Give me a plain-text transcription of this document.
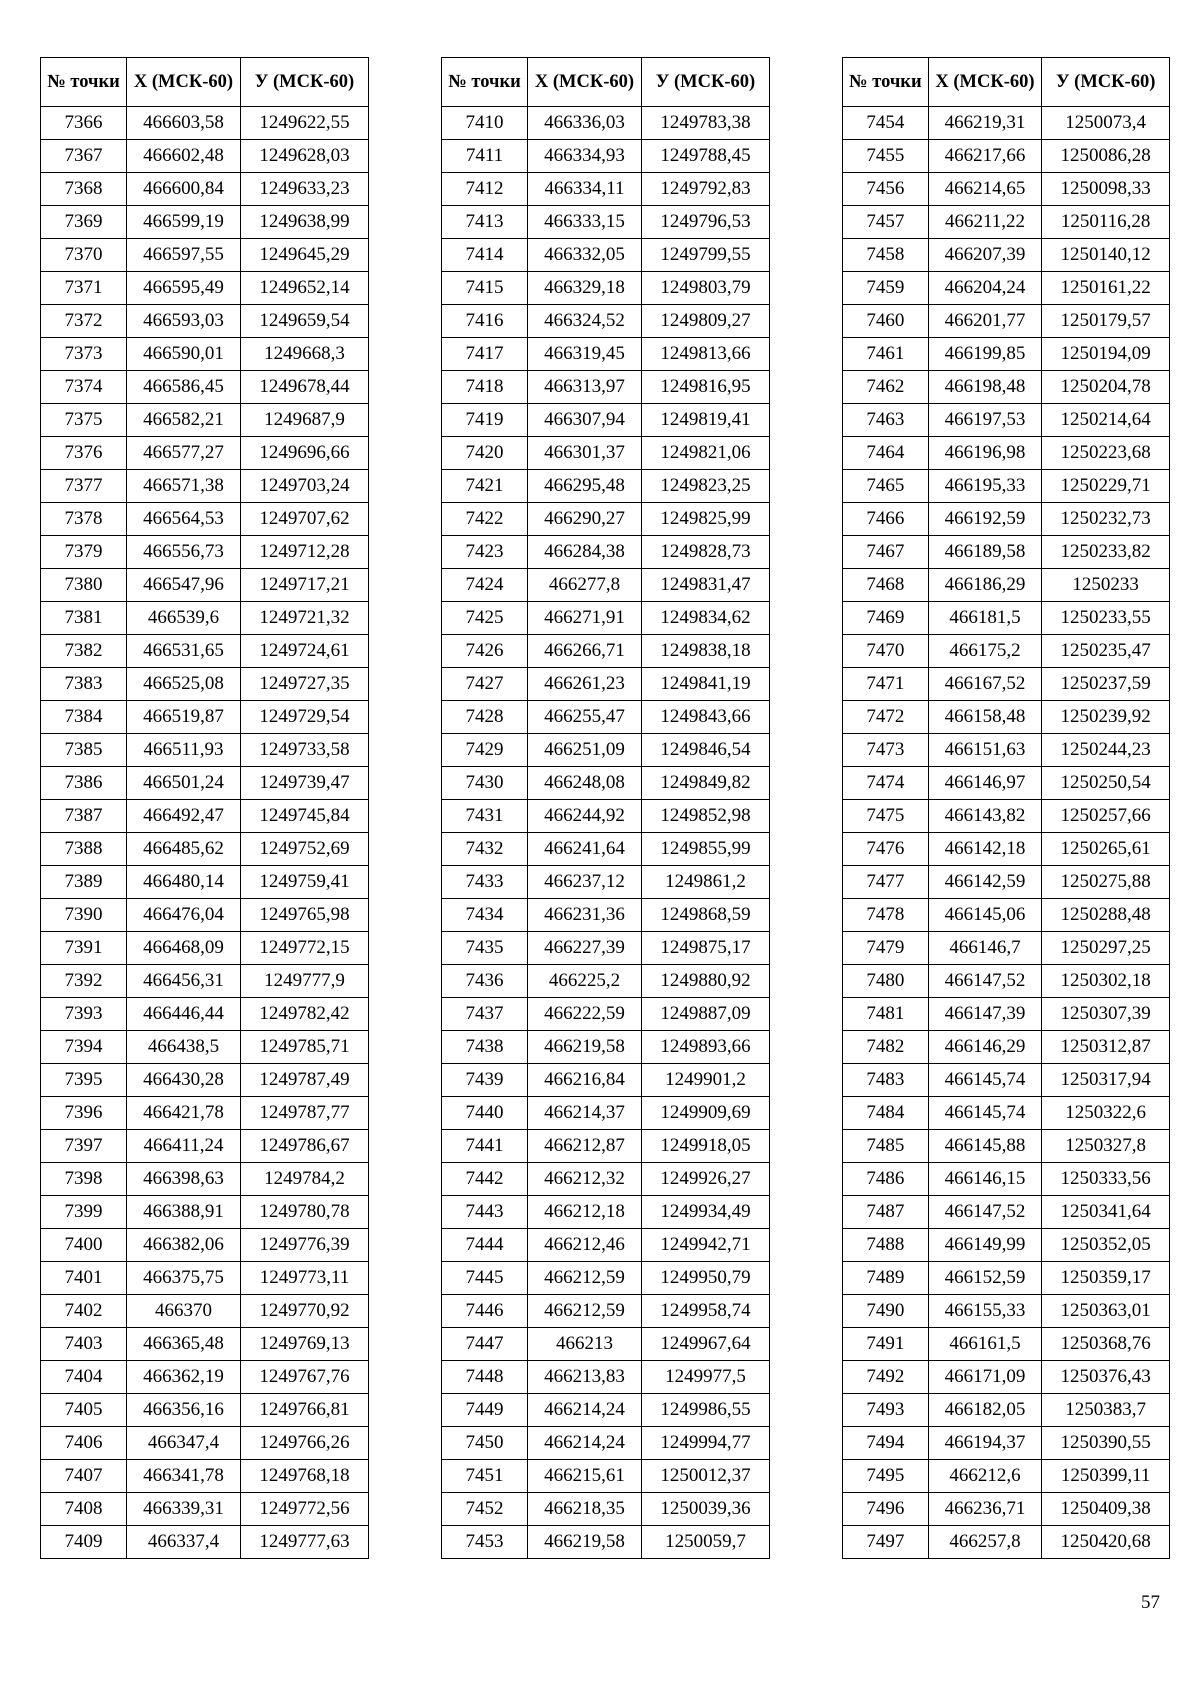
№ точки	X (МСК-60)	У (МСК-60)
7366	466603,58	1249622,55
7367	466602,48	1249628,03
7368	466600,84	1249633,23
7369	466599,19	1249638,99
7370	466597,55	1249645,29
7371	466595,49	1249652,14
7372	466593,03	1249659,54
7373	466590,01	1249668,3
7374	466586,45	1249678,44
7375	466582,21	1249687,9
7376	466577,27	1249696,66
7377	466571,38	1249703,24
7378	466564,53	1249707,62
7379	466556,73	1249712,28
7380	466547,96	1249717,21
7381	466539,6	1249721,32
7382	466531,65	1249724,61
7383	466525,08	1249727,35
7384	466519,87	1249729,54
7385	466511,93	1249733,58
7386	466501,24	1249739,47
7387	466492,47	1249745,84
7388	466485,62	1249752,69
7389	466480,14	1249759,41
7390	466476,04	1249765,98
7391	466468,09	1249772,15
7392	466456,31	1249777,9
7393	466446,44	1249782,42
7394	466438,5	1249785,71
7395	466430,28	1249787,49
7396	466421,78	1249787,77
7397	466411,24	1249786,67
7398	466398,63	1249784,2
7399	466388,91	1249780,78
7400	466382,06	1249776,39
7401	466375,75	1249773,11
7402	466370	1249770,92
7403	466365,48	1249769,13
7404	466362,19	1249767,76
7405	466356,16	1249766,81
7406	466347,4	1249766,26
7407	466341,78	1249768,18
7408	466339,31	1249772,56
7409	466337,4	1249777,63
№ точки	X (МСК-60)	У (МСК-60)
7410	466336,03	1249783,38
7411	466334,93	1249788,45
7412	466334,11	1249792,83
7413	466333,15	1249796,53
7414	466332,05	1249799,55
7415	466329,18	1249803,79
7416	466324,52	1249809,27
7417	466319,45	1249813,66
7418	466313,97	1249816,95
7419	466307,94	1249819,41
7420	466301,37	1249821,06
7421	466295,48	1249823,25
7422	466290,27	1249825,99
7423	466284,38	1249828,73
7424	466277,8	1249831,47
7425	466271,91	1249834,62
7426	466266,71	1249838,18
7427	466261,23	1249841,19
7428	466255,47	1249843,66
7429	466251,09	1249846,54
7430	466248,08	1249849,82
7431	466244,92	1249852,98
7432	466241,64	1249855,99
7433	466237,12	1249861,2
7434	466231,36	1249868,59
7435	466227,39	1249875,17
7436	466225,2	1249880,92
7437	466222,59	1249887,09
7438	466219,58	1249893,66
7439	466216,84	1249901,2
7440	466214,37	1249909,69
7441	466212,87	1249918,05
7442	466212,32	1249926,27
7443	466212,18	1249934,49
7444	466212,46	1249942,71
7445	466212,59	1249950,79
7446	466212,59	1249958,74
7447	466213	1249967,64
7448	466213,83	1249977,5
7449	466214,24	1249986,55
7450	466214,24	1249994,77
7451	466215,61	1250012,37
7452	466218,35	1250039,36
7453	466219,58	1250059,7
№ точки	X (МСК-60)	У (МСК-60)
7454	466219,31	1250073,4
7455	466217,66	1250086,28
7456	466214,65	1250098,33
7457	466211,22	1250116,28
7458	466207,39	1250140,12
7459	466204,24	1250161,22
7460	466201,77	1250179,57
7461	466199,85	1250194,09
7462	466198,48	1250204,78
7463	466197,53	1250214,64
7464	466196,98	1250223,68
7465	466195,33	1250229,71
7466	466192,59	1250232,73
7467	466189,58	1250233,82
7468	466186,29	1250233
7469	466181,5	1250233,55
7470	466175,2	1250235,47
7471	466167,52	1250237,59
7472	466158,48	1250239,92
7473	466151,63	1250244,23
7474	466146,97	1250250,54
7475	466143,82	1250257,66
7476	466142,18	1250265,61
7477	466142,59	1250275,88
7478	466145,06	1250288,48
7479	466146,7	1250297,25
7480	466147,52	1250302,18
7481	466147,39	1250307,39
7482	466146,29	1250312,87
7483	466145,74	1250317,94
7484	466145,74	1250322,6
7485	466145,88	1250327,8
7486	466146,15	1250333,56
7487	466147,52	1250341,64
7488	466149,99	1250352,05
7489	466152,59	1250359,17
7490	466155,33	1250363,01
7491	466161,5	1250368,76
7492	466171,09	1250376,43
7493	466182,05	1250383,7
7494	466194,37	1250390,55
7495	466212,6	1250399,11
7496	466236,71	1250409,38
7497	466257,8	1250420,68
57
